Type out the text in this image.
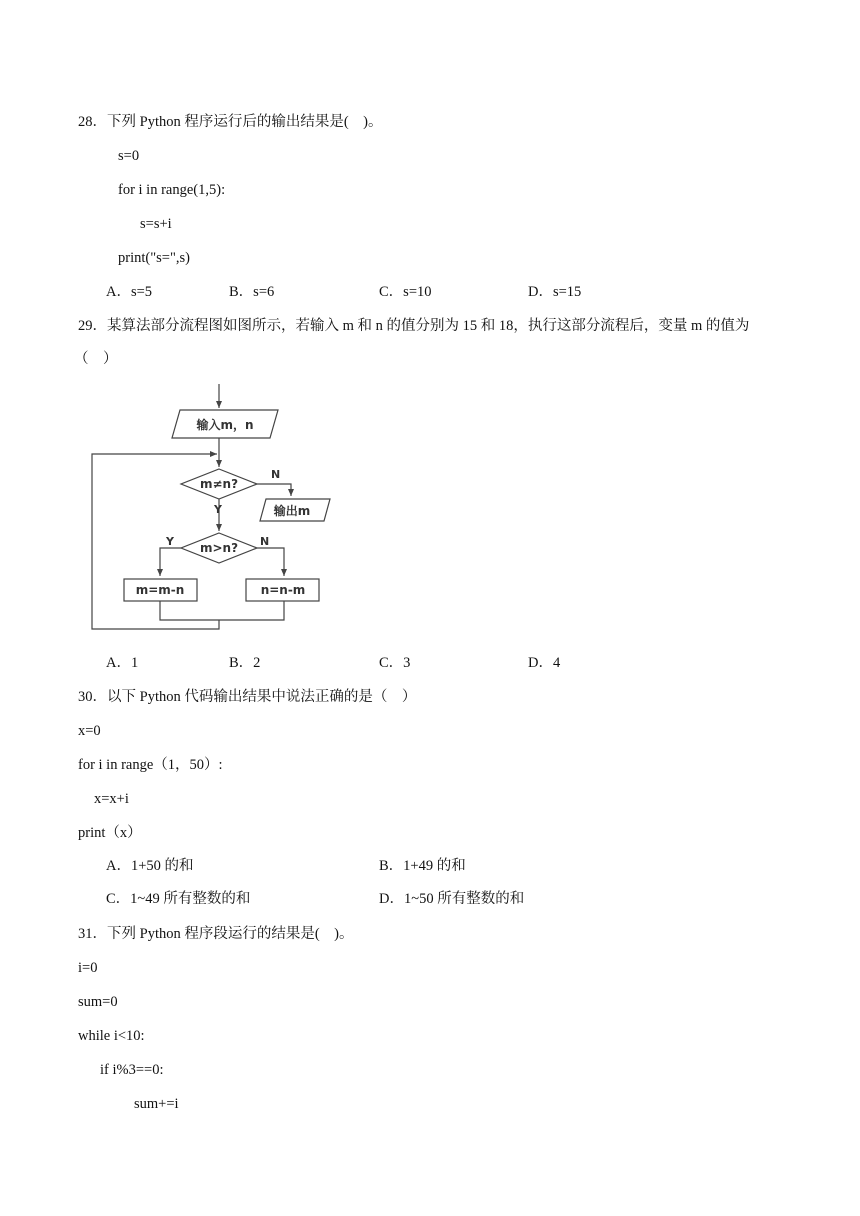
28．下列 Python 程序运行后的输出结果是(    )。
s=0
for i in range(1,5):
s=s+i
print("s=",s)
A．s=5	B．s=6	C．s=10	D．s=15
29．某算法部分流程图如图所示，若输入 m 和 n 的值分别为 15 和 18，执行这部分流程后，变量 m 的值为
（    ）
输入m，n
m≠n?
N
Y	输出m
m>n?
Y	N
m=m-n	n=n-m
A．1	B．2	C．3	D．4
30．以下 Python 代码输出结果中说法正确的是（    ）
x=0
for i in range（1，50）:
x=x+i
print（x）
A．1+50 的和	B．1+49 的和
C．1~49 所有整数的和	D．1~50 所有整数的和
31．下列 Python 程序段运行的结果是(    )。
i=0
sum=0
while i<10:
if i%3==0:
sum+=i
